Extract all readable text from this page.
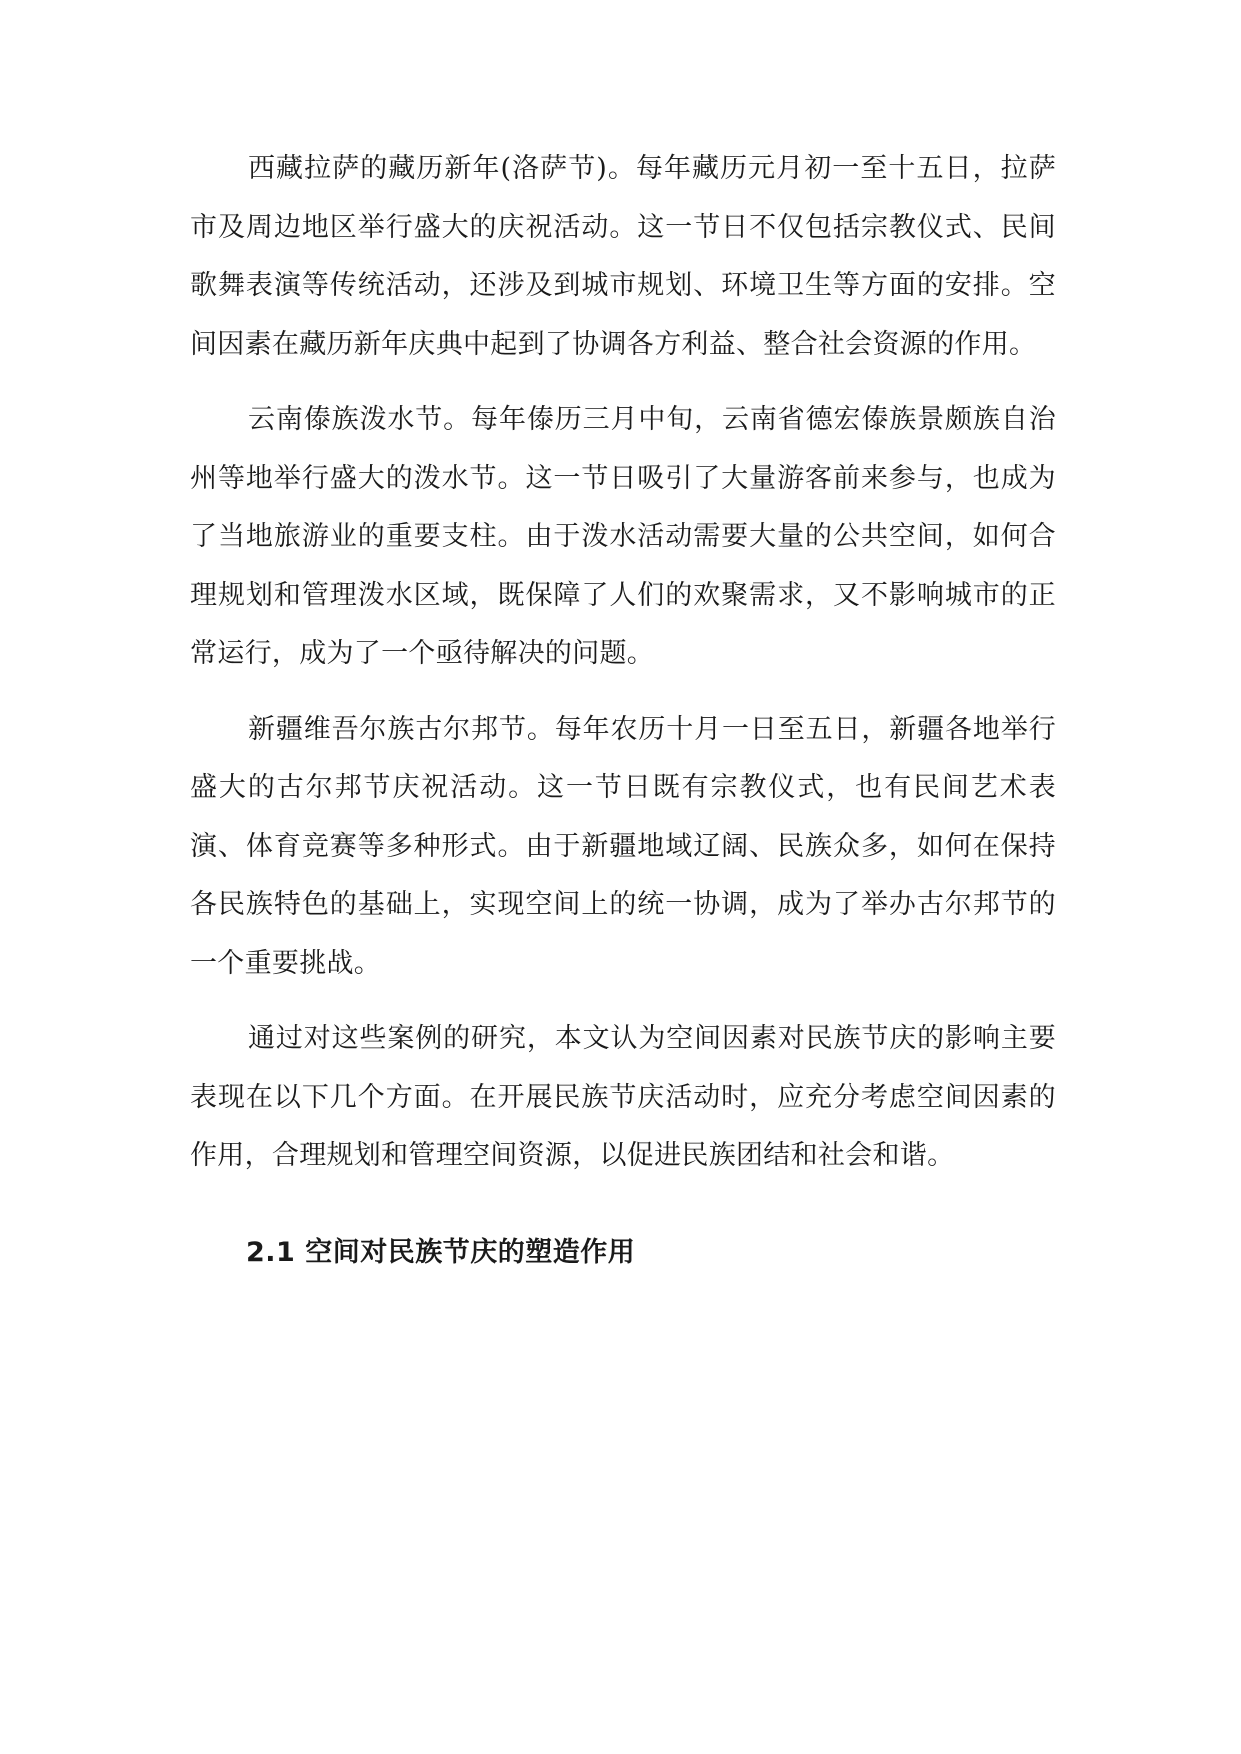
西藏拉萨的藏历新年(洛萨节)。每年藏历元月初一至十五日，拉萨市及周边地区举行盛大的庆祝活动。这一节日不仅包括宗教仪式、民间歌舞表演等传统活动，还涉及到城市规划、环境卫生等方面的安排。空间因素在藏历新年庆典中起到了协调各方利益、整合社会资源的作用。

云南傣族泼水节。每年傣历三月中旬，云南省德宏傣族景颇族自治州等地举行盛大的泼水节。这一节日吸引了大量游客前来参与，也成为了当地旅游业的重要支柱。由于泼水活动需要大量的公共空间，如何合理规划和管理泼水区域，既保障了人们的欢聚需求，又不影响城市的正常运行，成为了一个亟待解决的问题。

新疆维吾尔族古尔邦节。每年农历十月一日至五日，新疆各地举行盛大的古尔邦节庆祝活动。这一节日既有宗教仪式，也有民间艺术表演、体育竞赛等多种形式。由于新疆地域辽阔、民族众多，如何在保持各民族特色的基础上，实现空间上的统一协调，成为了举办古尔邦节的一个重要挑战。

通过对这些案例的研究，本文认为空间因素对民族节庆的影响主要表现在以下几个方面。在开展民族节庆活动时，应充分考虑空间因素的作用，合理规划和管理空间资源，以促进民族团结和社会和谐。

2.1 空间对民族节庆的塑造作用
